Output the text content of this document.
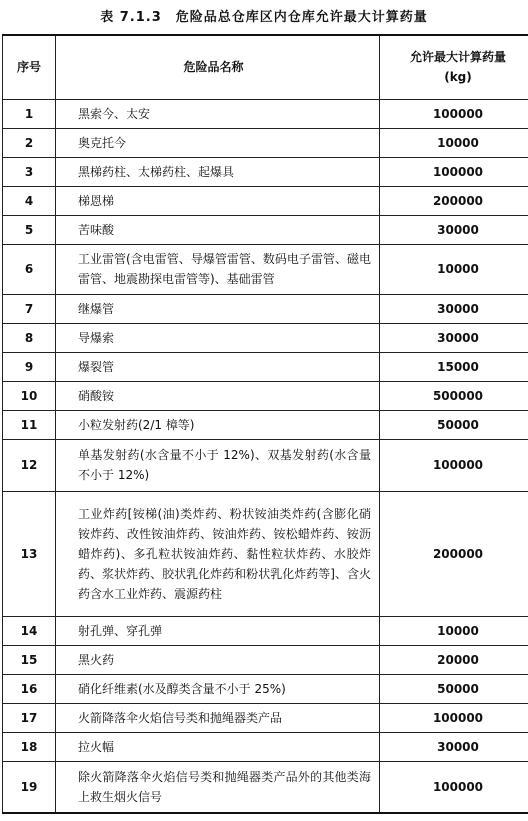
表 7.1.3　危险品总仓库区内仓库允许最大计算药量
序号	危险品名称	允许最大计算药量
(kg)

1	黑索今、太安	100000
2	奥克托今	10000
3	黑梯药柱、太梯药柱、起爆具	100000
4	梯恩梯	200000
5	苦味酸	30000
6	工业雷管(含电雷管、导爆管雷管、数码电子雷管、磁电雷管、地震勘探电雷管等)、基础雷管	10000
7	继爆管	30000
8	导爆索	30000
9	爆裂管	15000
10	硝酸铵	500000
11	小粒发射药(2/1 樟等)	50000
12	单基发射药(水含量不小于 12%)、双基发射药(水含量不小于 12%)	100000
13	工业炸药[铵梯(油)类炸药、粉状铵油类炸药(含膨化硝铵炸药、改性铵油炸药、铵油炸药、铵松蜡炸药、铵沥蜡炸药)、多孔粒状铵油炸药、黏性粒状炸药、水胶炸药、浆状炸药、胶状乳化炸药和粉状乳化炸药等]、含火药含水工业炸药、震源药柱	200000
14	射孔弹、穿孔弹	10000
15	黑火药	20000
16	硝化纤维素(水及醇类含量不小于 25%)	50000
17	火箭降落伞火焰信号类和抛绳器类产品	100000
18	拉火幅	30000
19	除火箭降落伞火焰信号类和抛绳器类产品外的其他类海上救生烟火信号	100000
